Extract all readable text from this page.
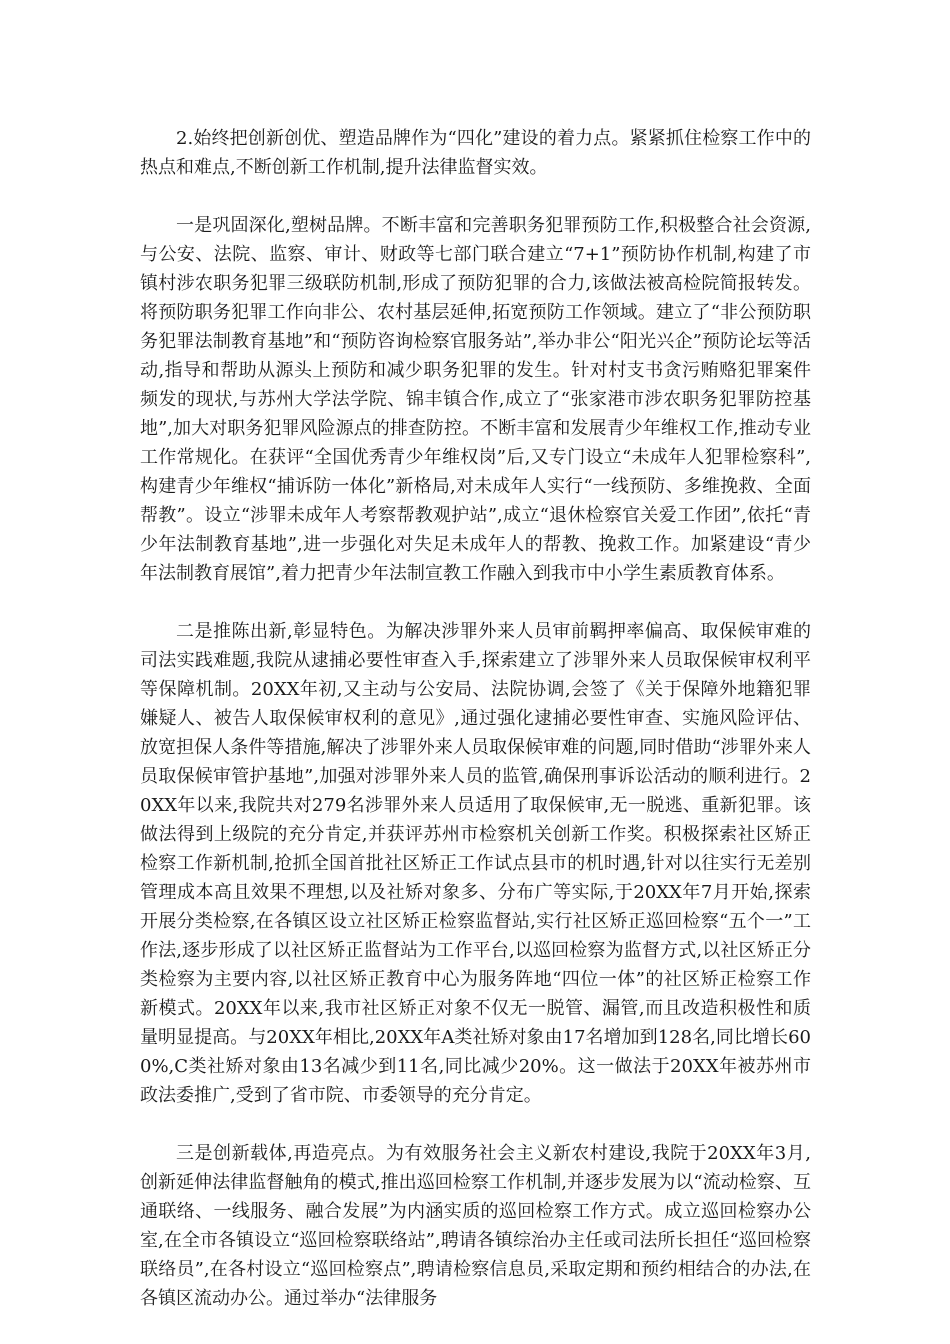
2.始终把创新创优、塑造品牌作为“四化”建设的着力点。紧紧抓住检察工作中的热点和难点,不断创新工作机制,提升法律监督实效。

一是巩固深化,塑树品牌。不断丰富和完善职务犯罪预防工作,积极整合社会资源,与公安、法院、监察、审计、财政等七部门联合建立“7+1”预防协作机制,构建了市镇村涉农职务犯罪三级联防机制,形成了预防犯罪的合力,该做法被高检院简报转发。将预防职务犯罪工作向非公、农村基层延伸,拓宽预防工作领域。建立了“非公预防职务犯罪法制教育基地”和“预防咨询检察官服务站”,举办非公“阳光兴企”预防论坛等活动,指导和帮助从源头上预防和减少职务犯罪的发生。针对村支书贪污贿赂犯罪案件频发的现状,与苏州大学法学院、锦丰镇合作,成立了“张家港市涉农职务犯罪防控基地”,加大对职务犯罪风险源点的排查防控。不断丰富和发展青少年维权工作,推动专业工作常规化。在获评“全国优秀青少年维权岗”后,又专门设立“未成年人犯罪检察科”,构建青少年维权“捕诉防一体化”新格局,对未成年人实行“一线预防、多维挽救、全面帮教”。设立“涉罪未成年人考察帮教观护站”,成立“退休检察官关爱工作团”,依托“青少年法制教育基地”,进一步强化对失足未成年人的帮教、挽救工作。加紧建设“青少年法制教育展馆”,着力把青少年法制宣教工作融入到我市中小学生素质教育体系。

二是推陈出新,彰显特色。为解决涉罪外来人员审前羁押率偏高、取保候审难的司法实践难题,我院从逮捕必要性审查入手,探索建立了涉罪外来人员取保候审权利平等保障机制。20XX年初,又主动与公安局、法院协调,会签了《关于保障外地籍犯罪嫌疑人、被告人取保候审权利的意见》,通过强化逮捕必要性审查、实施风险评估、放宽担保人条件等措施,解决了涉罪外来人员取保候审难的问题,同时借助“涉罪外来人员取保候审管护基地”,加强对涉罪外来人员的监管,确保刑事诉讼活动的顺利进行。20XX年以来,我院共对279名涉罪外来人员适用了取保候审,无一脱逃、重新犯罪。该做法得到上级院的充分肯定,并获评苏州市检察机关创新工作奖。积极探索社区矫正检察工作新机制,抢抓全国首批社区矫正工作试点县市的机时遇,针对以往实行无差别管理成本高且效果不理想,以及社矫对象多、分布广等实际,于20XX年7月开始,探索开展分类检察,在各镇区设立社区矫正检察监督站,实行社区矫正巡回检察“五个一”工作法,逐步形成了以社区矫正监督站为工作平台,以巡回检察为监督方式,以社区矫正分类检察为主要内容,以社区矫正教育中心为服务阵地“四位一体”的社区矫正检察工作新模式。20XX年以来,我市社区矫正对象不仅无一脱管、漏管,而且改造积极性和质量明显提高。与20XX年相比,20XX年A类社矫对象由17名增加到128名,同比增长600%,C类社矫对象由13名减少到11名,同比减少20%。这一做法于20XX年被苏州市政法委推广,受到了省市院、市委领导的充分肯定。

三是创新载体,再造亮点。为有效服务社会主义新农村建设,我院于20XX年3月,创新延伸法律监督触角的模式,推出巡回检察工作机制,并逐步发展为以“流动检察、互通联络、一线服务、融合发展”为内涵实质的巡回检察工作方式。成立巡回检察办公室,在全市各镇设立“巡回检察联络站”,聘请各镇综治办主任或司法所长担任“巡回检察联络员”,在各村设立“巡回检察点”,聘请检察信息员,采取定期和预约相结合的办法,在各镇区流动办公。通过举办“法律服务
